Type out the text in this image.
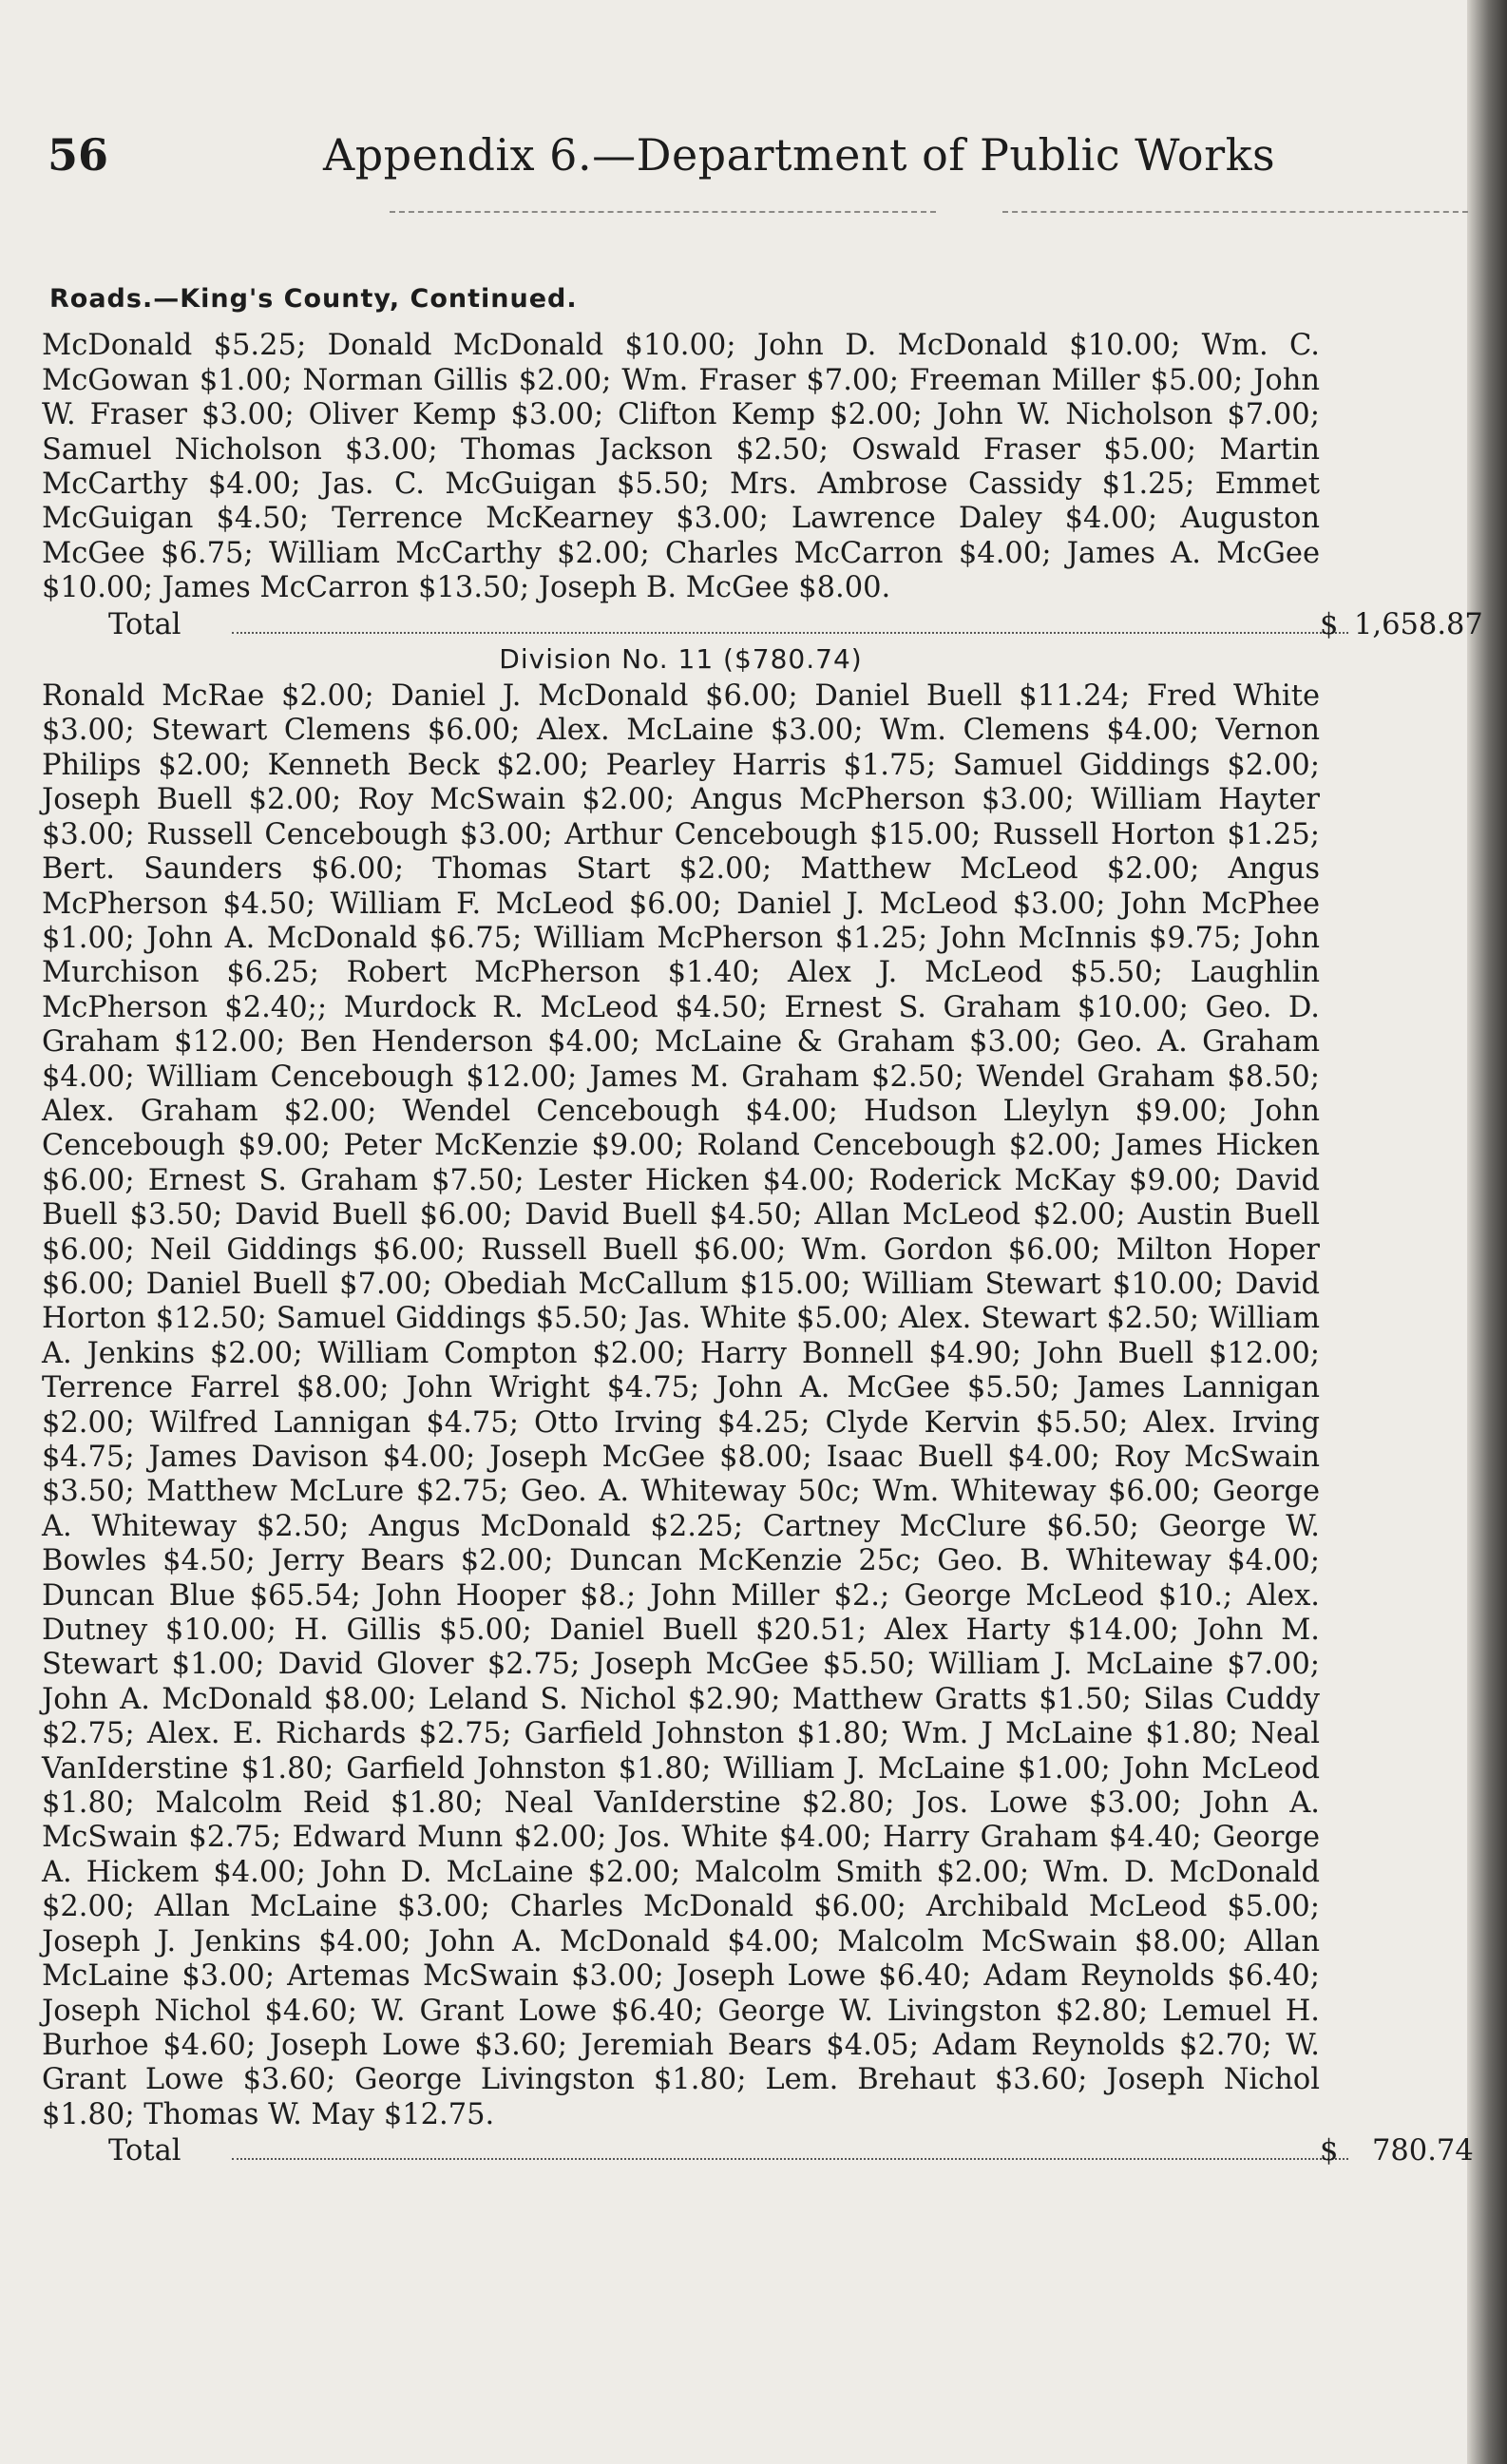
56	Appendix 6.—Department of Public Works
Roads.—King's County, Continued.

McDonald $5.25; Donald McDonald $10.00; John D. McDonald $10.00; Wm. C. McGowan $1.00; Norman Gillis $2.00; Wm. Fraser $7.00; Freeman Miller $5.00; John W. Fraser $3.00; Oliver Kemp $3.00; Clifton Kemp $2.00; John W. Nicholson $7.00; Samuel Nicholson $3.00; Thomas Jackson $2.50; Oswald Fraser $5.00; Martin McCarthy $4.00; Jas. C. McGuigan $5.50; Mrs. Ambrose Cassidy $1.25; Emmet McGuigan $4.50; Terrence McKearney $3.00; Lawrence Daley $4.00; Auguston McGee $6.75; William McCarthy $2.00; Charles McCarron $4.00; James A. McGee $10.00; James McCarron $13.50; Joseph B. McGee $8.00.

Total	$ 1,658.87
Division No. 11 ($780.74)

Ronald McRae $2.00; Daniel J. McDonald $6.00; Daniel Buell $11.24; Fred White $3.00; Stewart Clemens $6.00; Alex. McLaine $3.00; Wm. Clemens $4.00; Vernon Philips $2.00; Kenneth Beck $2.00; Pearley Harris $1.75; Samuel Giddings $2.00; Joseph Buell $2.00; Roy McSwain $2.00; Angus McPherson $3.00; William Hayter $3.00; Russell Cencebough $3.00; Arthur Cencebough $15.00; Russell Horton $1.25; Bert. Saunders $6.00; Thomas Start $2.00; Matthew McLeod $2.00; Angus McPherson $4.50; William F. McLeod $6.00; Daniel J. McLeod $3.00; John McPhee $1.00; John A. McDonald $6.75; William McPherson $1.25; John McInnis $9.75; John Murchison $6.25; Robert McPherson $1.40; Alex J. McLeod $5.50; Laughlin McPherson $2.40;; Murdock R. McLeod $4.50; Ernest S. Graham $10.00; Geo. D. Graham $12.00; Ben Henderson $4.00; McLaine & Graham $3.00; Geo. A. Graham $4.00; William Cencebough $12.00; James M. Graham $2.50; Wendel Graham $8.50; Alex. Graham $2.00; Wendel Cencebough $4.00; Hudson Lleylyn $9.00; John Cencebough $9.00; Peter McKenzie $9.00; Roland Cencebough $2.00; James Hicken $6.00; Ernest S. Graham $7.50; Lester Hicken $4.00; Roderick McKay $9.00; David Buell $3.50; David Buell $6.00; David Buell $4.50; Allan McLeod $2.00; Austin Buell $6.00; Neil Giddings $6.00; Russell Buell $6.00; Wm. Gordon $6.00; Milton Hoper $6.00; Daniel Buell $7.00; Obediah McCallum $15.00; William Stewart $10.00; David Horton $12.50; Samuel Giddings $5.50; Jas. White $5.00; Alex. Stewart $2.50; William A. Jenkins $2.00; William Compton $2.00; Harry Bonnell $4.90; John Buell $12.00; Terrence Farrel $8.00; John Wright $4.75; John A. McGee $5.50; James Lannigan $2.00; Wilfred Lannigan $4.75; Otto Irving $4.25; Clyde Kervin $5.50; Alex. Irving $4.75; James Davison $4.00; Joseph McGee $8.00; Isaac Buell $4.00; Roy McSwain $3.50; Matthew McLure $2.75; Geo. A. Whiteway 50c; Wm. Whiteway $6.00; George A. Whiteway $2.50; Angus McDonald $2.25; Cartney McClure $6.50; George W. Bowles $4.50; Jerry Bears $2.00; Duncan McKenzie 25c; Geo. B. Whiteway $4.00; Duncan Blue $65.54; John Hooper $8.; John Miller $2.; George McLeod $10.; Alex. Dutney $10.00; H. Gillis $5.00; Daniel Buell $20.51; Alex Harty $14.00; John M. Stewart $1.00; David Glover $2.75; Joseph McGee $5.50; William J. McLaine $7.00; John A. McDonald $8.00; Leland S. Nichol $2.90; Matthew Gratts $1.50; Silas Cuddy $2.75; Alex. E. Richards $2.75; Garfield Johnston $1.80; Wm. J McLaine $1.80; Neal VanIderstine $1.80; Garfield Johnston $1.80; William J. McLaine $1.00; John McLeod $1.80; Malcolm Reid $1.80; Neal VanIderstine $2.80; Jos. Lowe $3.00; John A. McSwain $2.75; Edward Munn $2.00; Jos. White $4.00; Harry Graham $4.40; George A. Hickem $4.00; John D. McLaine $2.00; Malcolm Smith $2.00; Wm. D. McDonald $2.00; Allan McLaine $3.00; Charles McDonald $6.00; Archibald McLeod $5.00; Joseph J. Jenkins $4.00; John A. McDonald $4.00; Malcolm McSwain $8.00; Allan McLaine $3.00; Artemas McSwain $3.00; Joseph Lowe $6.40; Adam Reynolds $6.40; Joseph Nichol $4.60; W. Grant Lowe $6.40; George W. Livingston $2.80; Lemuel H. Burhoe $4.60; Joseph Lowe $3.60; Jeremiah Bears $4.05; Adam Reynolds $2.70; W. Grant Lowe $3.60; George Livingston $1.80; Lem. Brehaut $3.60; Joseph Nichol $1.80; Thomas W. May $12.75.

Total	$ 780.74
